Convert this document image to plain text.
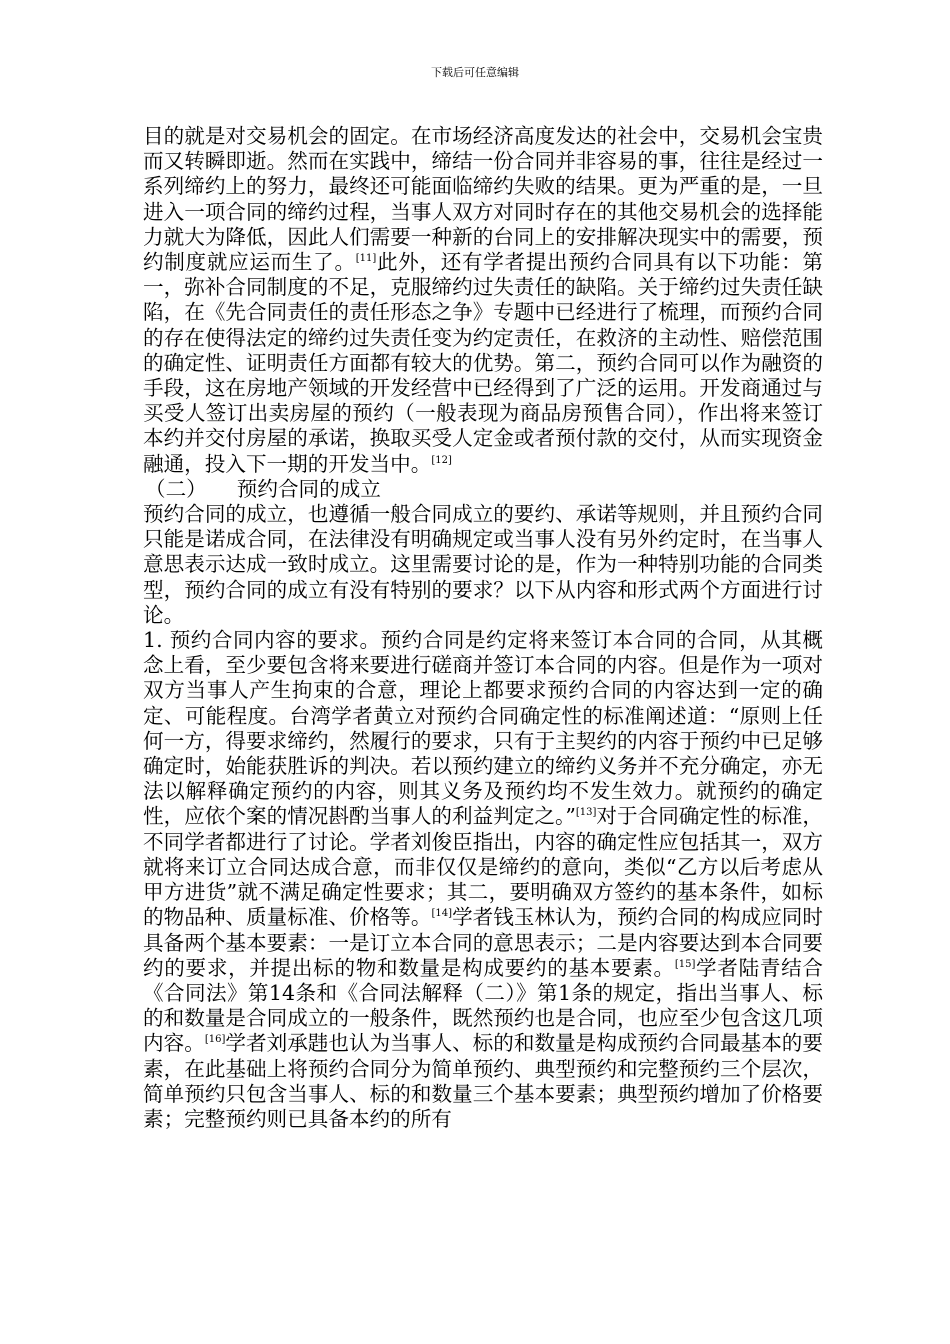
下载后可任意编辑

目的就是对交易机会的固定。在市场经济高度发达的社会中，交易机会宝贵而又转瞬即逝。然而在实践中，缔结一份合同并非容易的事，往往是经过一系列缔约上的努力，最终还可能面临缔约失败的结果。更为严重的是，一旦进入一项合同的缔约过程，当事人双方对同时存在的其他交易机会的选择能力就大为降低，因此人们需要一种新的台同上的安排解决现实中的需要，预约制度就应运而生了。[11]此外，还有学者提出预约合同具有以下功能：第一，弥补合同制度的不足，克服缔约过失责任的缺陷。关于缔约过失责任缺陷，在《先合同责任的责任形态之争》专题中已经进行了梳理，而预约合同的存在使得法定的缔约过失责任变为约定责任，在救济的主动性、赔偿范围的确定性、证明责任方面都有较大的优势。第二，预约合同可以作为融资的手段，这在房地产领域的开发经营中已经得到了广泛的运用。开发商通过与买受人签订出卖房屋的预约（一般表现为商品房预售合同），作出将来签订本约并交付房屋的承诺，换取买受人定金或者预付款的交付，从而实现资金融通，投入下一期的开发当中。[12]

（二） 预约合同的成立

预约合同的成立，也遵循一般合同成立的要约、承诺等规则，并且预约合同只能是诺成合同，在法律没有明确规定或当事人没有另外约定时，在当事人意思表示达成一致时成立。这里需要讨论的是，作为一种特别功能的合同类型，预约合同的成立有没有特别的要求？以下从内容和形式两个方面进行讨论。

1. 预约合同内容的要求。预约合同是约定将来签订本合同的合同，从其概念上看，至少要包含将来要进行磋商并签订本合同的内容。但是作为一项对双方当事人产生拘束的合意，理论上都要求预约合同的内容达到一定的确定、可能程度。台湾学者黄立对预约合同确定性的标准阐述道：“原则上任何一方，得要求缔约，然履行的要求，只有于主契约的内容于预约中已足够确定时，始能获胜诉的判决。若以预约建立的缔约义务并不充分确定，亦无法以解释确定预约的内容，则其义务及预约均不发生效力。就预约的确定性，应依个案的情况斟酌当事人的利益判定之。”[13]对于合同确定性的标准，不同学者都进行了讨论。学者刘俊臣指出，内容的确定性应包括其一，双方就将来订立合同达成合意，而非仅仅是缔约的意向，类似“乙方以后考虑从甲方进货”就不满足确定性要求；其二，要明确双方签约的基本条件，如标的物品种、质量标准、价格等。[14]学者钱玉林认为，预约合同的构成应同时具备两个基本要素：一是订立本合同的意思表示；二是内容要达到本合同要约的要求，并提出标的物和数量是构成要约的基本要素。[15]学者陆青结合《合同法》第14条和《合同法解释（二）》第1条的规定，指出当事人、标的和数量是合同成立的一般条件，既然预约也是合同，也应至少包含这几项内容。[16]学者刘承韪也认为当事人、标的和数量是构成预约合同最基本的要素，在此基础上将预约合同分为简单预约、典型预约和完整预约三个层次，简单预约只包含当事人、标的和数量三个基本要素；典型预约增加了价格要素；完整预约则已具备本约的所有
